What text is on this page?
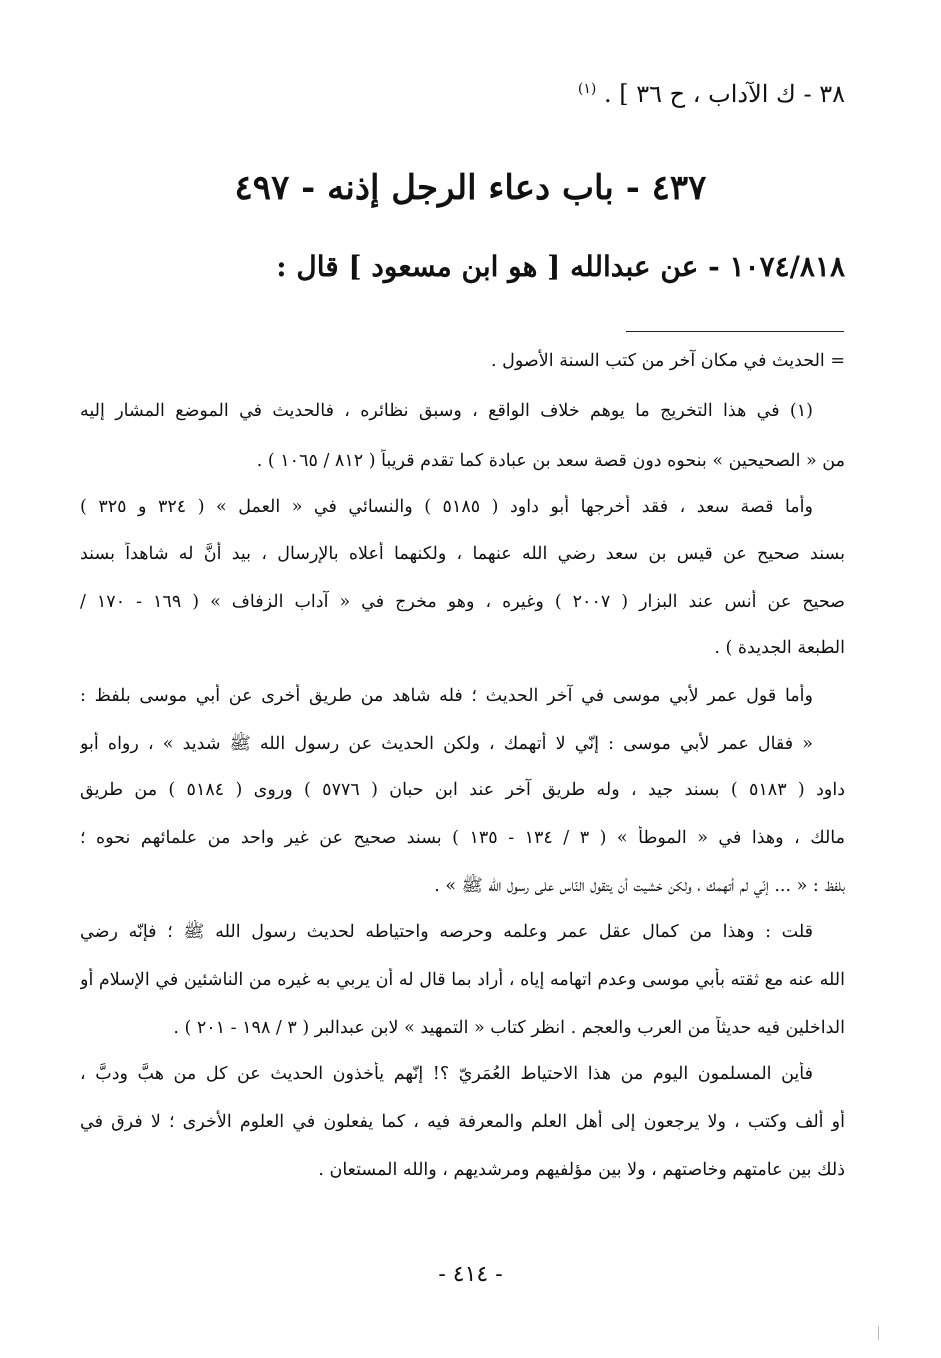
٣٨ - ك الآداب ، ح ٣٦ ] . $^{(١)}$
٤٣٧ - باب دعاء الرجل إذنه - ٤٩٧
١٠٧٤/٨١٨ - عن عبدالله [ هو ابن مسعود ] قال :
= الحديث في مكان آخر من كتب السنة الأصول .
(١) في هذا التخريج ما يوهم خلاف الواقع ، وسبق نظائره ، فالحديث في الموضع المشار إليه
من « الصحيحين » بنحوه دون قصة سعد بن عبادة كما تقدم قريباً ( ٨١٢ / ١٠٦٥ ) .
وأما قصة سعد ، فقد أخرجها أبو داود ( ٥١٨٥ ) والنسائي في « العمل » ( ٣٢٤ و ٣٢٥ )
بسند صحيح عن قيس بن سعد رضي الله عنهما ، ولكنهما أعلاه بالإرسال ، بيد أنَّ له شاهداً بسند
صحيح عن أنس عند البزار ( ٢٠٠٧ ) وغيره ، وهو مخرج في « آداب الزفاف » ( ١٦٩ - ١٧٠ /
الطبعة الجديدة ) .
وأما قول عمر لأبي موسى في آخر الحديث ؛ فله شاهد من طريق أخرى عن أبي موسى بلفظ :
« فقال عمر لأبي موسى : إنّي لا أتهمك ، ولكن الحديث عن رسول الله ﷺ شديد » ، رواه أبو
داود ( ٥١٨٣ ) بسند جيد ، وله طريق آخر عند ابن حبان ( ٥٧٧٦ ) وروى ( ٥١٨٤ ) من طريق
مالك ، وهذا في « الموطأ » ( ٣ / ١٣٤ - ١٣٥ ) بسند صحيح عن غير واحد من علمائهم نحوه ؛
بلفظ : « ... إنّي لم أتهمك ، ولكن خشيت أن يتقول النّاس على رسول الله ﷺ » .
قلت : وهذا من كمال عقل عمر وعلمه وحرصه واحتياطه لحديث رسول الله ﷺ ؛ فإنّه رضي
الله عنه مع ثقته بأبي موسى وعدم اتهامه إياه ، أراد بما قال له أن يربي به غيره من الناشئين في الإسلام أو
الداخلين فيه حديثاً من العرب والعجم . انظر كتاب « التمهيد » لابن عبدالبر ( ٣ / ١٩٨ - ٢٠١ ) .
فأين المسلمون اليوم من هذا الاحتياط العُمَريّ ؟! إنّهم يأخذون الحديث عن كل من هبَّ ودبَّ ،
أو ألف وكتب ، ولا يرجعون إلى أهل العلم والمعرفة فيه ، كما يفعلون في العلوم الأخرى ؛ لا فرق في
ذلك بين عامتهم وخاصتهم ، ولا بين مؤلفيهم ومرشديهم ، والله المستعان .
- ٤١٤ -
